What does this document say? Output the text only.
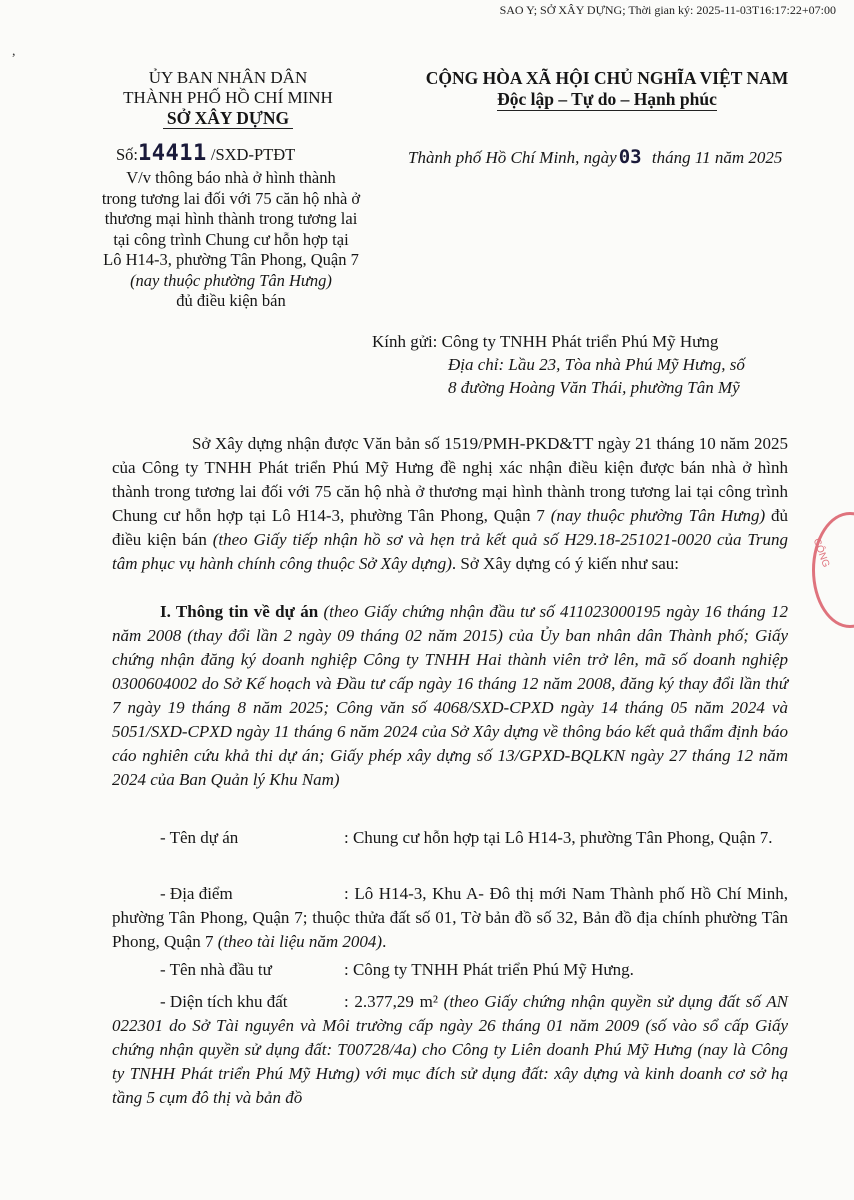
SAO Y; SỞ XÂY DỰNG; Thời gian ký: 2025-11-03T16:17:22+07:00
,
ỦY BAN NHÂN DÂN
THÀNH PHỐ HỒ CHÍ MINH
SỞ XÂY DỰNG
CỘNG HÒA XÃ HỘI CHỦ NGHĨA VIỆT NAM
Độc lập – Tự do – Hạnh phúc
Số:14411 /SXD-PTĐT	Thành phố Hồ Chí Minh, ngày 03 tháng 11 năm 2025
V/v thông báo nhà ở hình thành
trong tương lai đối với 75 căn hộ nhà ở
thương mại hình thành trong tương lai
tại công trình Chung cư hỗn hợp tại
Lô H14-3, phường Tân Phong, Quận 7
(nay thuộc phường Tân Hưng)
đủ điều kiện bán
Kính gửi: Công ty TNHH Phát triển Phú Mỹ Hưng
Địa chỉ: Lầu 23, Tòa nhà Phú Mỹ Hưng, số
8 đường Hoàng Văn Thái, phường Tân Mỹ
Sở Xây dựng nhận được Văn bản số 1519/PMH-PKD&TT ngày 21 tháng 10 năm 2025 của Công ty TNHH Phát triển Phú Mỹ Hưng đề nghị xác nhận điều kiện được bán nhà ở hình thành trong tương lai đối với 75 căn hộ nhà ở thương mại hình thành trong tương lai tại công trình Chung cư hỗn hợp tại Lô H14-3, phường Tân Phong, Quận 7 (nay thuộc phường Tân Hưng) đủ điều kiện bán (theo Giấy tiếp nhận hồ sơ và hẹn trả kết quả số H29.18-251021-0020 của Trung tâm phục vụ hành chính công thuộc Sở Xây dựng). Sở Xây dựng có ý kiến như sau:
I. Thông tin về dự án (theo Giấy chứng nhận đầu tư số 411023000195 ngày 16 tháng 12 năm 2008 (thay đổi lần 2 ngày 09 tháng 02 năm 2015) của Ủy ban nhân dân Thành phố; Giấy chứng nhận đăng ký doanh nghiệp Công ty TNHH Hai thành viên trở lên, mã số doanh nghiệp 0300604002 do Sở Kế hoạch và Đầu tư cấp ngày 16 tháng 12 năm 2008, đăng ký thay đổi lần thứ 7 ngày 19 tháng 8 năm 2025; Công văn số 4068/SXD-CPXD ngày 14 tháng 05 năm 2024 và 5051/SXD-CPXD ngày 11 tháng 6 năm 2024 của Sở Xây dựng về thông báo kết quả thẩm định báo cáo nghiên cứu khả thi dự án; Giấy phép xây dựng số 13/GPXD-BQLKN ngày 27 tháng 12 năm 2024 của Ban Quản lý Khu Nam)
- Tên dự án	: Chung cư hỗn hợp tại Lô H14-3, phường Tân Phong, Quận 7.
- Địa điểm	: Lô H14-3, Khu A- Đô thị mới Nam Thành phố Hồ Chí Minh, phường Tân Phong, Quận 7; thuộc thửa đất số 01, Tờ bản đồ số 32, Bản đồ địa chính phường Tân Phong, Quận 7 (theo tài liệu năm 2004).
- Tên nhà đầu tư	: Công ty TNHH Phát triển Phú Mỹ Hưng.
- Diện tích khu đất	: 2.377,29 m² (theo Giấy chứng nhận quyền sử dụng đất số AN 022301 do Sở Tài nguyên và Môi trường cấp ngày 26 tháng 01 năm 2009 (số vào sổ cấp Giấy chứng nhận quyền sử dụng đất: T00728/4a) cho Công ty Liên doanh Phú Mỹ Hưng (nay là Công ty TNHH Phát triển Phú Mỹ Hưng) với mục đích sử dụng đất: xây dựng và kinh doanh cơ sở hạ tầng 5 cụm đô thị và bản đồ
CÔNG
